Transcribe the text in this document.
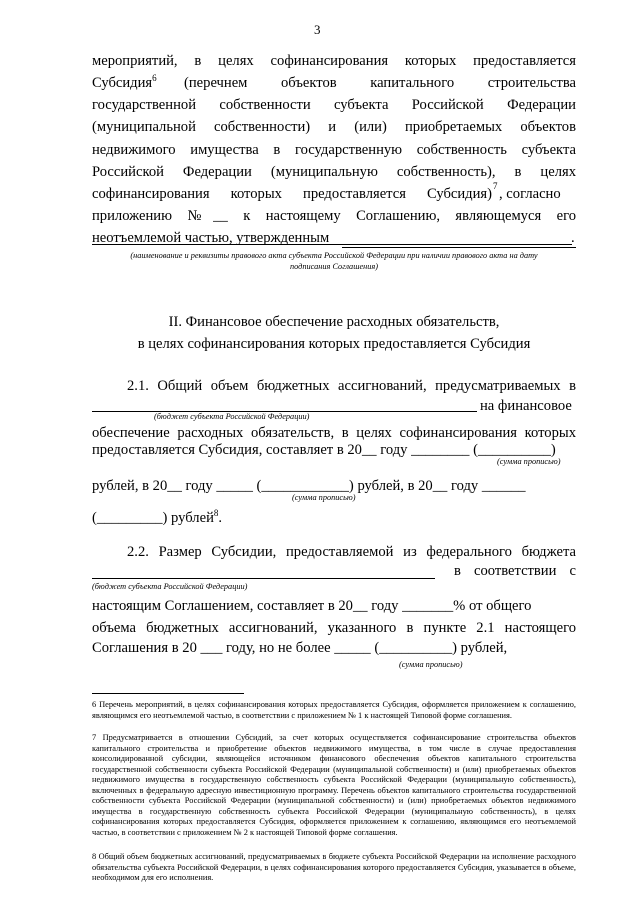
3
мероприятий, в целях софинансирования которых предоставляется
Субсидия$^6$ (перечнем объектов капитального строительства
государственной собственности субъекта Российской Федерации
(муниципальной собственности) и (или) приобретаемых объектов
недвижимого имущества в государственную собственность субъекта
Российской Федерации (муниципальную собственность), в целях
софинансирования которых предоставляется Субсидия) 7 , согласно
приложению №__ к настоящему Соглашению, являющемуся его
неотъемлемой частью, утвержденным	.
(наименование и реквизиты правового акта субъекта Российской Федерации при наличии правового акта на дату
подписания Соглашения)
II. Финансовое обеспечение расходных обязательств,
в целях софинансирования которых предоставляется Субсидия
2.1. Общий объем бюджетных ассигнований, предусматриваемых в
на финансовое
(бюджет субъекта Российской Федерации)
обеспечение расходных обязательств, в целях софинансирования которых
предоставляется Субсидия, составляет в 20__ году ________ (__________)
(сумма прописью)
рублей, в 20__ году _____ (____________) рублей, в 20__ году ______
(сумма прописью)
(_________) рублей$^8$.
2.2. Размер Субсидии, предоставляемой из федерального бюджета
в соответствии с
(бюджет субъекта Российской Федерации)
настоящим Соглашением, составляет в 20__ году _______% от общего
объема бюджетных ассигнований, указанного в пункте 2.1 настоящего
Соглашения в 20 ___ году, но не более _____ (__________) рублей,
(сумма прописью)
6 Перечень мероприятий, в целях софинансирования которых предоставляется Субсидия, оформляется приложением к соглашению, являющимся его неотъемлемой частью, в соответствии с приложением № 1 к настоящей Типовой форме соглашения.
7 Предусматривается в отношении Субсидий, за счет которых осуществляется софинансирование строительства объектов капитального строительства и приобретение объектов недвижимого имущества, в том числе в случае предоставления консолидированной субсидии, являющейся источником финансового обеспечения объектов капитального строительства государственной собственности субъекта Российской Федерации (муниципальной собственности) и (или) приобретаемых объектов недвижимого имущества в государственную собственность субъекта Российской Федерации (муниципальную собственность), включенных в федеральную адресную инвестиционную программу. Перечень объектов капитального строительства государственной собственности субъекта Российской Федерации (муниципальной собственности) и (или) приобретаемых объектов недвижимого имущества в государственную собственность субъекта Российской Федерации (муниципальную собственность), в целях софинансирования которых предоставляется Субсидия, оформляется приложением к соглашению, являющимся его неотъемлемой частью, в соответствии с приложением № 2 к настоящей Типовой форме соглашения.
8 Общий объем бюджетных ассигнований, предусматриваемых в бюджете субъекта Российской Федерации на исполнение расходного обязательства субъекта Российской Федерации, в целях софинансирования которого предоставляется Субсидия, указывается в объеме, необходимом для его исполнения.
